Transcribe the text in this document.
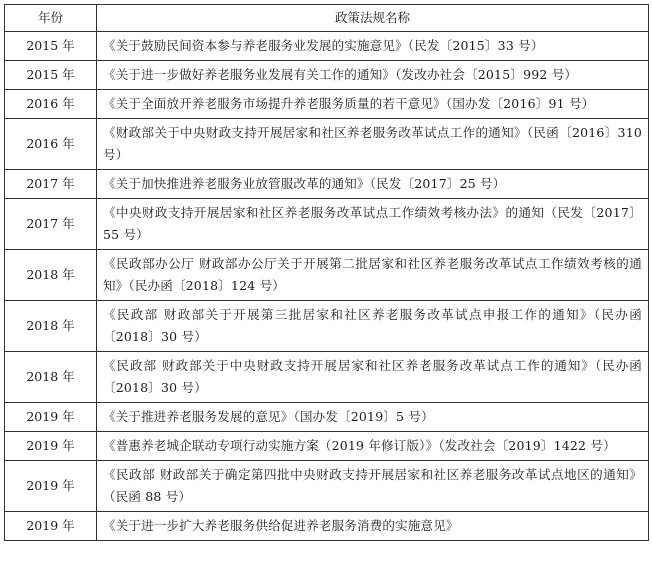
年份	政策法规名称
2015 年	《关于鼓励民间资本参与养老服务业发展的实施意见》（民发〔2015〕33 号）
2015 年	《关于进一步做好养老服务业发展有关工作的通知》（发改办社会〔2015〕992 号）
2016 年	《关于全面放开养老服务市场提升养老服务质量的若干意见》（国办发〔2016〕91 号）
2016 年	《财政部关于中央财政支持开展居家和社区养老服务改革试点工作的通知》（民函〔2016〕310 号）
2017 年	《关于加快推进养老服务业放管服改革的通知》（民发〔2017〕25 号）
2017 年	《中央财政支持开展居家和社区养老服务改革试点工作绩效考核办法》的通知（民发〔2017〕55 号）
2018 年	《民政部办公厅 财政部办公厅关于开展第二批居家和社区养老服务改革试点工作绩效考核的通知》（民办函〔2018〕124 号）
2018 年	《民政部 财政部关于开展第三批居家和社区养老服务改革试点申报工作的通知》（民办函〔2018〕30 号）
2018 年	《民政部 财政部关于中央财政支持开展居家和社区养老服务改革试点工作的通知》（民办函〔2018〕30 号）
2019 年	《关于推进养老服务发展的意见》（国办发〔2019〕5 号）
2019 年	《普惠养老城企联动专项行动实施方案（2019 年修订版）》（发改社会〔2019〕1422 号）
2019 年	《民政部 财政部关于确定第四批中央财政支持开展居家和社区养老服务改革试点地区的通知》（民函 88 号）
2019 年	《关于进一步扩大养老服务供给促进养老服务消费的实施意见》
